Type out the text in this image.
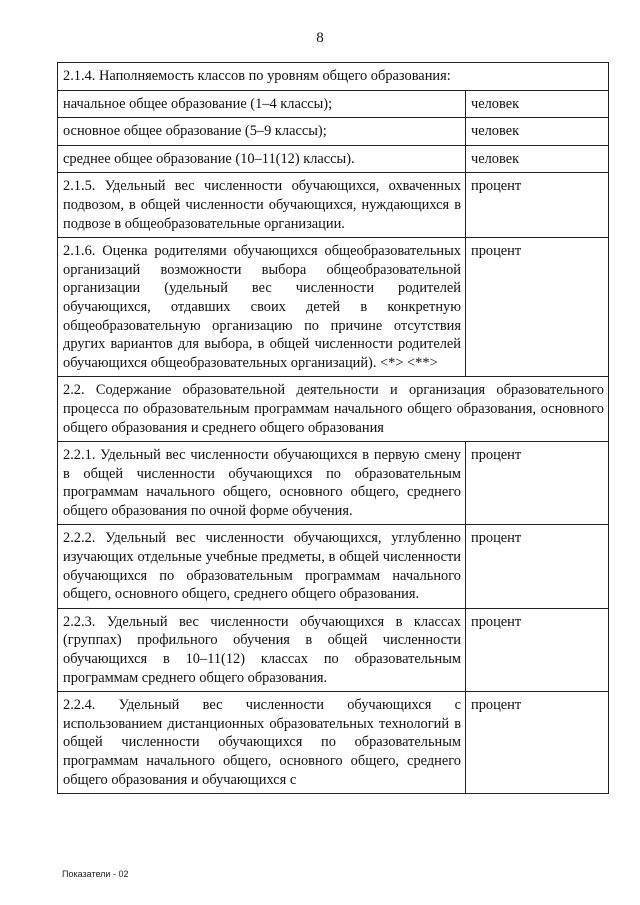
8
2.1.4. Наполняемость классов по уровням общего образования:	
начальное общее образование (1–4 классы);	человек
основное общее образование (5–9 классы);	человек
среднее общее образование (10–11(12) классы).	человек
2.1.5. Удельный вес численности обучающихся, охваченных подвозом, в общей численности обучающихся, нуждающихся в подвозе в общеобразовательные организации.	процент
2.1.6. Оценка родителями обучающихся общеобразовательных организаций возможности выбора общеобразовательной организации (удельный вес численности родителей обучающихся, отдавших своих детей в конкретную общеобразовательную организацию по причине отсутствия других вариантов для выбора, в общей численности родителей обучающихся общеобразовательных организаций). <*> <**>	процент
2.2. Содержание образовательной деятельности и организация образовательного процесса по образовательным программам начального общего образования, основного общего образования и среднего общего образования	
2.2.1. Удельный вес численности обучающихся в первую смену в общей численности обучающихся по образовательным программам начального общего, основного общего, среднего общего образования по очной форме обучения.	процент
2.2.2. Удельный вес численности обучающихся, углубленно изучающих отдельные учебные предметы, в общей численности обучающихся по образовательным программам начального общего, основного общего, среднего общего образования.	процент
2.2.3. Удельный вес численности обучающихся в классах (группах) профильного обучения в общей численности обучающихся в 10–11(12) классах по образовательным программам среднего общего образования.	процент
2.2.4. Удельный вес численности обучающихся с использованием дистанционных образовательных технологий в общей численности обучающихся по образовательным программам начального общего, основного общего, среднего общего образования и обучающихся с	процент
Показатели - 02
